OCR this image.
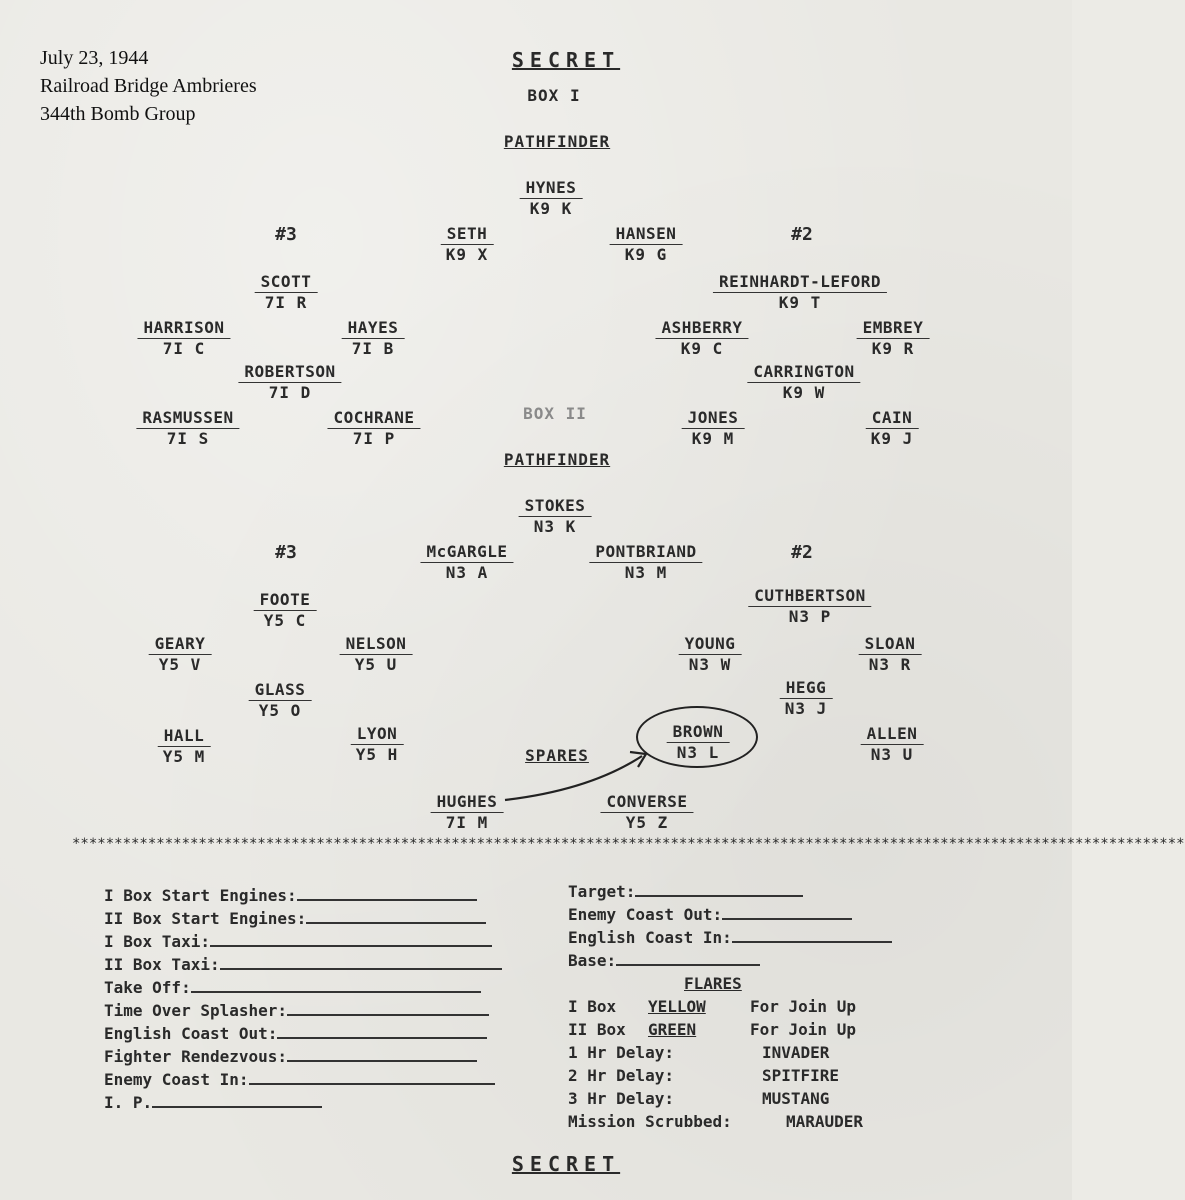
July 23, 1944
Railroad Bridge Ambrieres
344th Bomb Group
SECRET
BOX I
PATHFINDER
#3	#2
HYNES
K9 K
SETH
K9 X
HANSEN
K9 G
SCOTT
7I R
REINHARDT-LEFORD
K9 T
HARRISON
7I C
HAYES
7I B
ASHBERRY
K9 C
EMBREY
K9 R
ROBERTSON
7I D
CARRINGTON
K9 W
RASMUSSEN
7I S
COCHRANE
7I P
JONES
K9 M
CAIN
K9 J
BOX II
PATHFINDER
#3	#2
STOKES
N3 K
McGARGLE
N3 A
PONTBRIAND
N3 M
FOOTE
Y5 C
CUTHBERTSON
N3 P
GEARY
Y5 V
NELSON
Y5 U
YOUNG
N3 W
SLOAN
N3 R
GLASS
Y5 O
HEGG
N3 J
HALL
Y5 M
LYON
Y5 H
BROWN
N3 L
ALLEN
N3 U
SPARES
HUGHES
7I M
CONVERSE
Y5 Z
************************************************************************************************************************************
I Box Start Engines:
II Box Start Engines:
I Box Taxi:
II Box Taxi:
Take Off:
Time Over Splasher:
English Coast Out:
Fighter Rendezvous:
Enemy Coast In:
I. P.
Target:
Enemy Coast Out:
English Coast In:
Base:
FLARES
I Box YELLOW	For Join Up
II Box GREEN	For Join Up
1 Hr Delay:	INVADER
2 Hr Delay:	SPITFIRE
3 Hr Delay:	MUSTANG
Mission Scrubbed:	MARAUDER
SECRET
